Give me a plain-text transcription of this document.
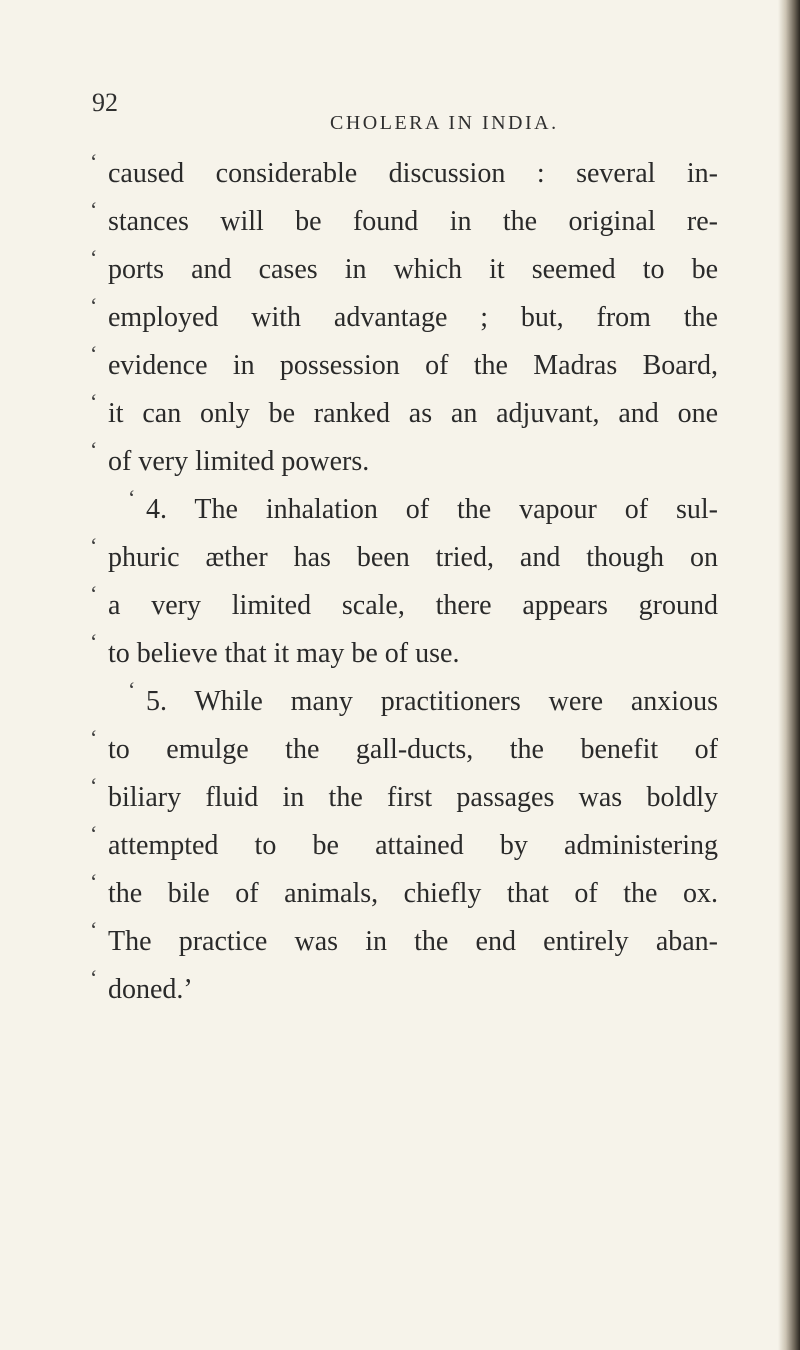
92
CHOLERA IN INDIA.
‘ caused considerable discussion : several in-
‘ stances will be found in the original re-
‘ ports and cases in which it seemed to be
‘ employed with advantage ; but, from the
‘ evidence in possession of the Madras Board,
‘ it can only be ranked as an adjuvant, and one
‘ of very limited powers.
‘ 4. The inhalation of the vapour of sul-
‘ phuric æther has been tried, and though on
‘ a very limited scale, there appears ground
‘ to believe that it may be of use.
‘ 5. While many practitioners were anxious
‘ to emulge the gall-ducts, the benefit of
‘ biliary fluid in the first passages was boldly
‘ attempted to be attained by administering
‘ the bile of animals, chiefly that of the ox.
‘ The practice was in the end entirely aban-
‘ doned.’
